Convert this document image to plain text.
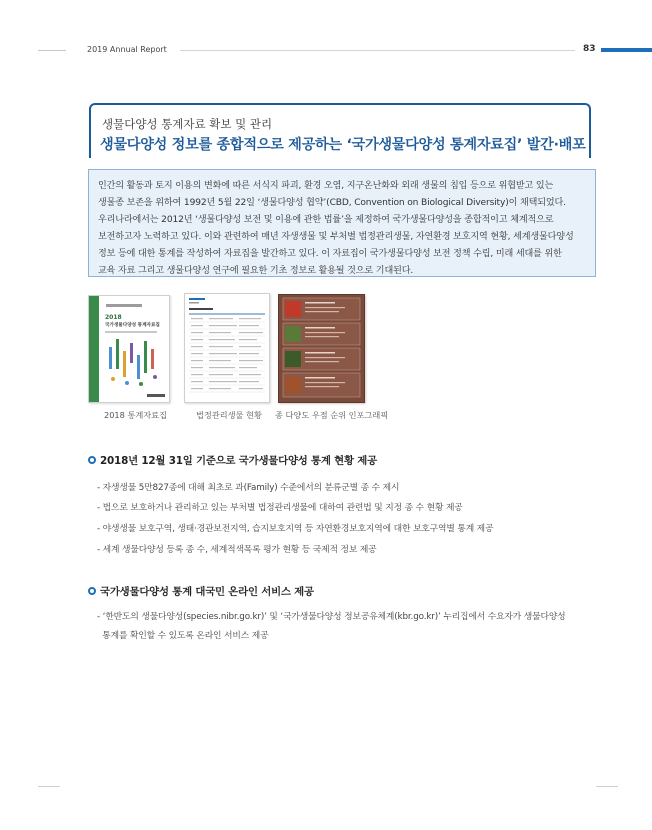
2019 Annual Report	83
생물다양성 통계자료 확보 및 관리
생물다양성 정보를 종합적으로 제공하는 ‘국가생물다양성 통계자료집’ 발간·배포

인간의 활동과 토지 이용의 변화에 따른 서식지 파괴, 환경 오염, 지구온난화와 외래 생물의 침입 등으로 위협받고 있는

생물종 보존을 위하여 1992년 5월 22일 ‘생물다양성 협약’(CBD, Convention on Biological Diversity)이 채택되었다.

우리나라에서는 2012년 ‘생물다양성 보전 및 이용에 관한 법률’을 제정하여 국가생물다양성을 종합적이고 체계적으로

보전하고자 노력하고 있다. 이와 관련하여 매년 자생생물 및 부처별 법정관리생물, 자연환경 보호지역 현황, 세계생물다양성

정보 등에 대한 통계를 작성하여 자료집을 발간하고 있다. 이 자료집이 국가생물다양성 보전 정책 수립, 미래 세대를 위한

교육 자료 그리고 생물다양성 연구에 필요한 기초 정보로 활용될 것으로 기대된다.

2018
국가생물다양성 통계자료집
2018 통계자료집	법정관리생물 현황 종 다양도 우점 순위 인포그래픽
2018년 12월 31일 기준으로 국가생물다양성 통계 현황 제공
- 자생생물 5만827종에 대해 최초로 과(Family) 수준에서의 분류군별 종 수 제시
- 법으로 보호하거나 관리하고 있는 부처별 법정관리생물에 대하여 관련법 및 지정 종 수 현황 제공
- 야생생물 보호구역, 생태·경관보전지역, 습지보호지역 등 자연환경보호지역에 대한 보호구역별 통계 제공
- 세계 생물다양성 등록 종 수, 세계적색목록 평가 현황 등 국제적 정보 제공
국가생물다양성 통계 대국민 온라인 서비스 제공
- ‘한반도의 생물다양성(species.nibr.go.kr)’ 및 ‘국가생물다양성 정보공유체계(kbr.go.kr)’ 누리집에서 수요자가 생물다양성
통계를 확인할 수 있도록 온라인 서비스 제공
